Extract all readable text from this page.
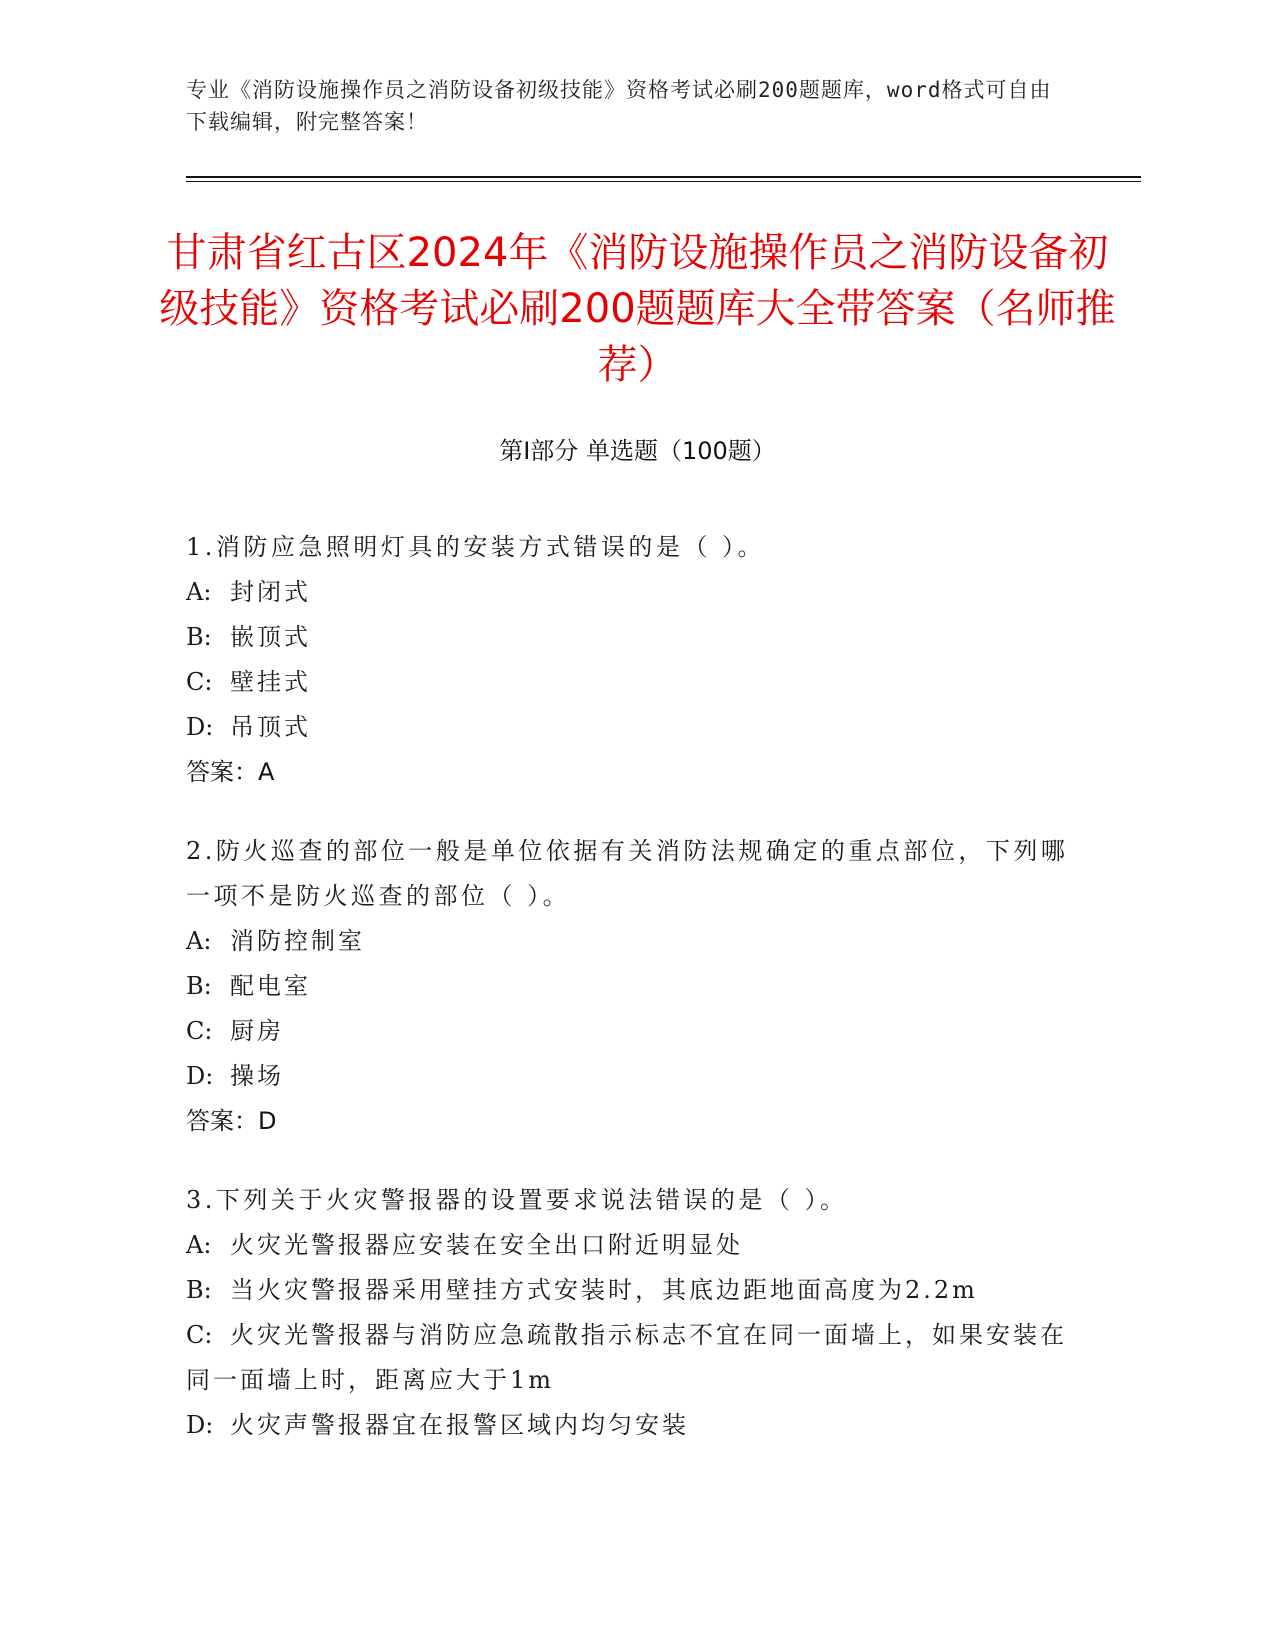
专业《消防设施操作员之消防设备初级技能》资格考试必刷200题题库，word格式可自由下载编辑，附完整答案！
甘肃省红古区2024年《消防设施操作员之消防设备初级技能》资格考试必刷200题题库大全带答案（名师推荐）
第I部分 单选题（100题）
1.消防应急照明灯具的安装方式错误的是（ ）。
A: 封闭式
B: 嵌顶式
C: 壁挂式
D: 吊顶式
答案：A
2.防火巡查的部位一般是单位依据有关消防法规确定的重点部位，下列哪一项不是防火巡查的部位（ ）。
A: 消防控制室
B: 配电室
C: 厨房
D: 操场
答案：D
3.下列关于火灾警报器的设置要求说法错误的是（ ）。
A: 火灾光警报器应安装在安全出口附近明显处
B: 当火灾警报器采用壁挂方式安装时，其底边距地面高度为2.2m
C: 火灾光警报器与消防应急疏散指示标志不宜在同一面墙上，如果安装在同一面墙上时，距离应大于1m
D: 火灾声警报器宜在报警区域内均匀安装
